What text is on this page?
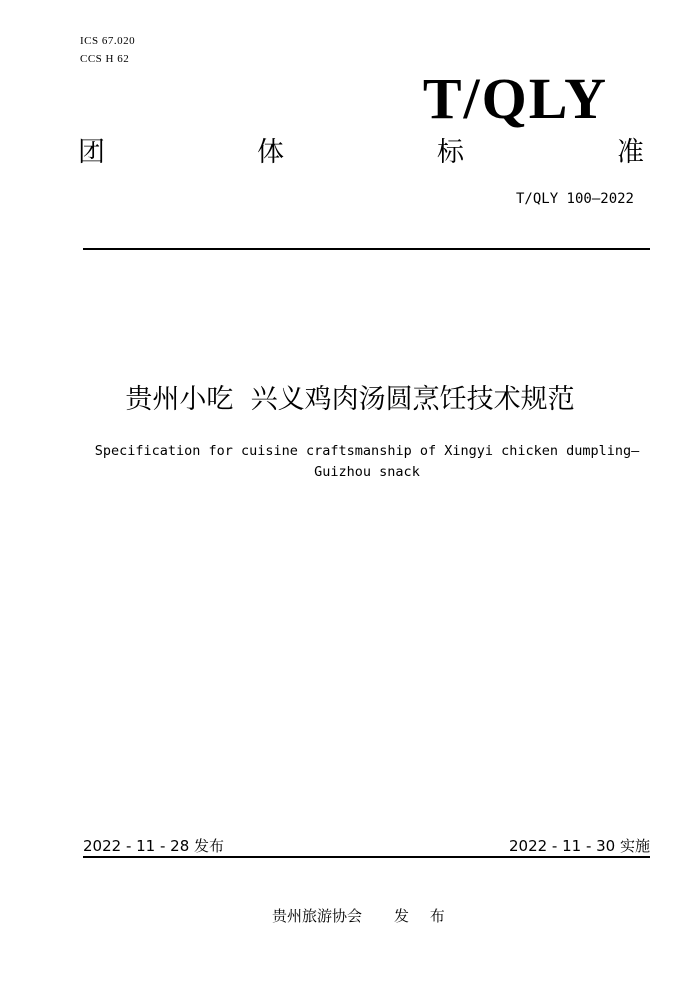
ICS 67.020
CCS H 62
T/QLY
团	体	标	准
T/QLY 100—2022
贵州小吃  兴义鸡肉汤圆烹饪技术规范
Specification for cuisine craftsmanship of Xingyi chicken dumpling—
Guizhou snack
2022 - 11 - 28 发布	2022 - 11 - 30 实施
贵州旅游协会 发 布
